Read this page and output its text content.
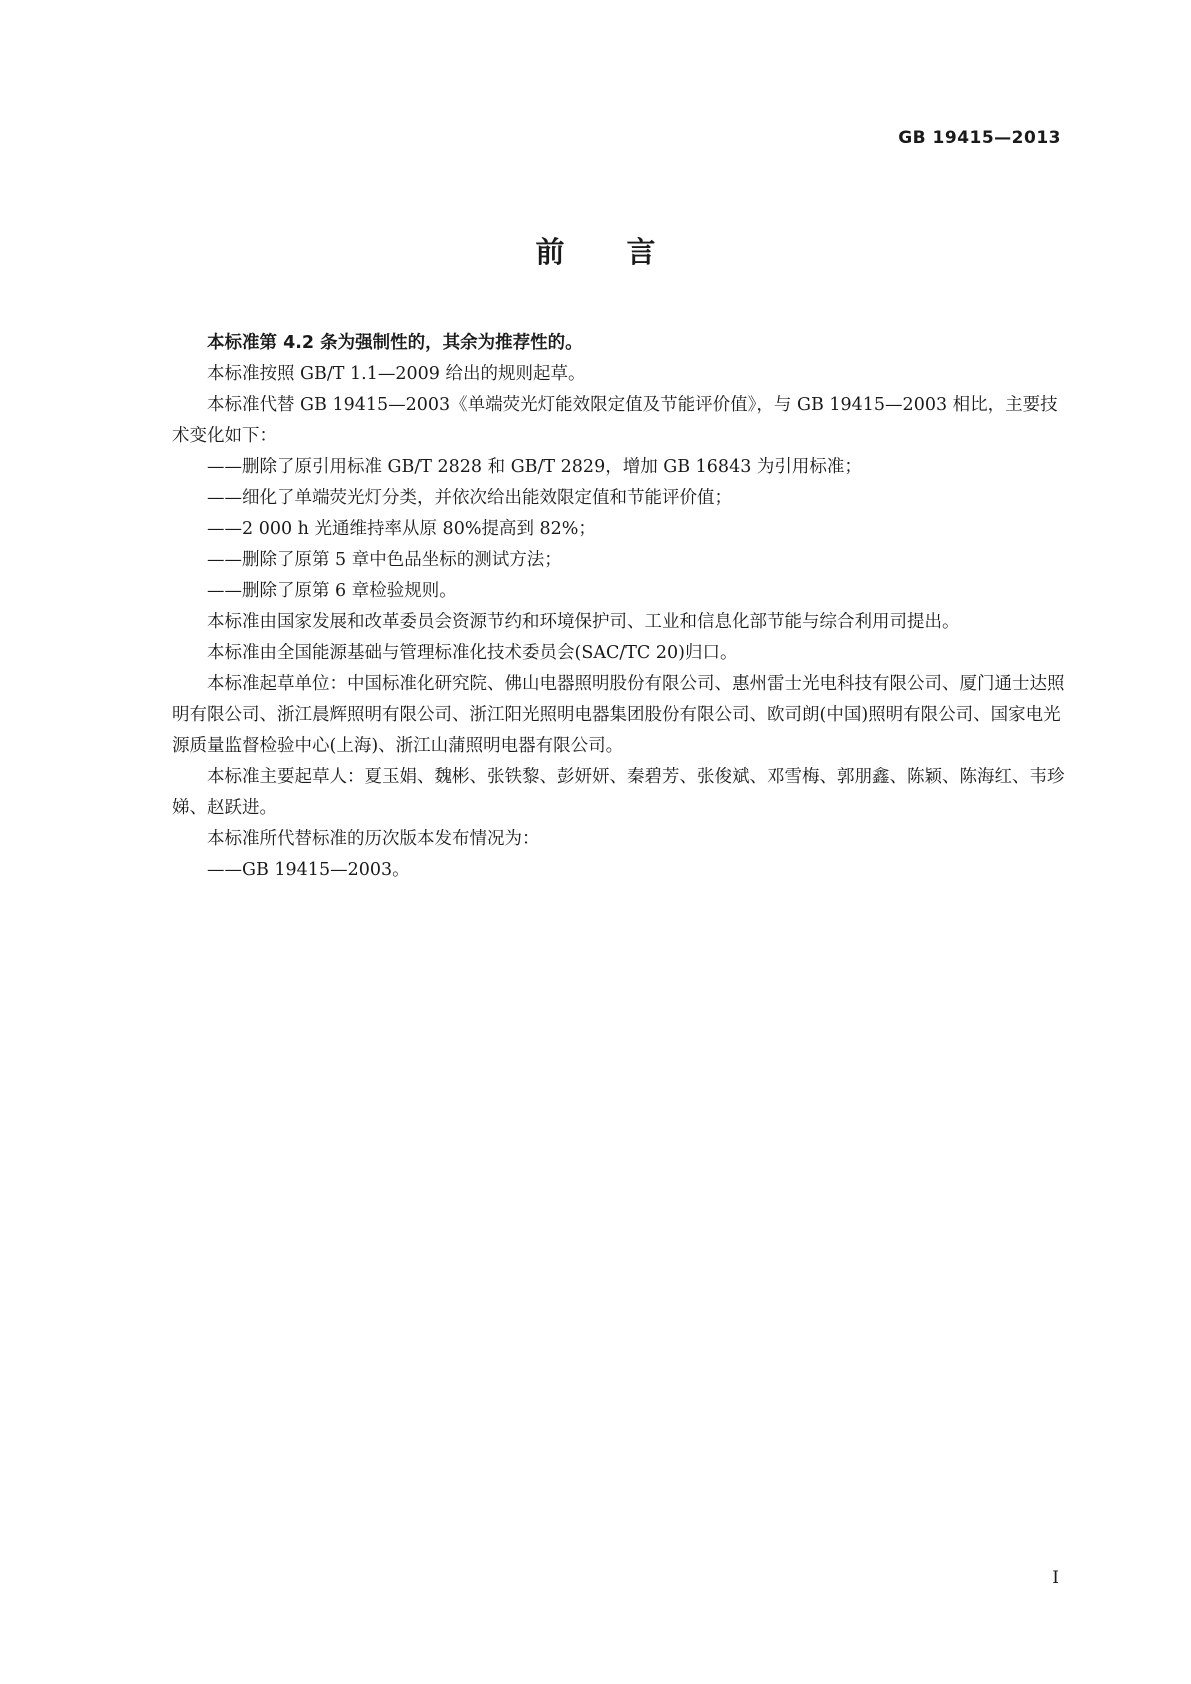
GB 19415—2013
前言

本标准第 4.2 条为强制性的，其余为推荐性的。

本标准按照 GB/T 1.1—2009 给出的规则起草。

本标准代替 GB 19415—2003《单端荧光灯能效限定值及节能评价值》，与 GB 19415—2003 相比，主要技术变化如下：

——删除了原引用标准 GB/T 2828 和 GB/T 2829，增加 GB 16843 为引用标准；

——细化了单端荧光灯分类，并依次给出能效限定值和节能评价值；

——2 000 h 光通维持率从原 80%提高到 82%；

——删除了原第 5 章中色品坐标的测试方法；

——删除了原第 6 章检验规则。

本标准由国家发展和改革委员会资源节约和环境保护司、工业和信息化部节能与综合利用司提出。

本标准由全国能源基础与管理标准化技术委员会(SAC/TC 20)归口。

本标准起草单位：中国标准化研究院、佛山电器照明股份有限公司、惠州雷士光电科技有限公司、厦门通士达照明有限公司、浙江晨辉照明有限公司、浙江阳光照明电器集团股份有限公司、欧司朗(中国)照明有限公司、国家电光源质量监督检验中心(上海)、浙江山蒲照明电器有限公司。

本标准主要起草人：夏玉娟、魏彬、张铁黎、彭妍妍、秦碧芳、张俊斌、邓雪梅、郭朋鑫、陈颖、陈海红、韦珍娣、赵跃进。

本标准所代替标准的历次版本发布情况为：

——GB 19415—2003。

I
